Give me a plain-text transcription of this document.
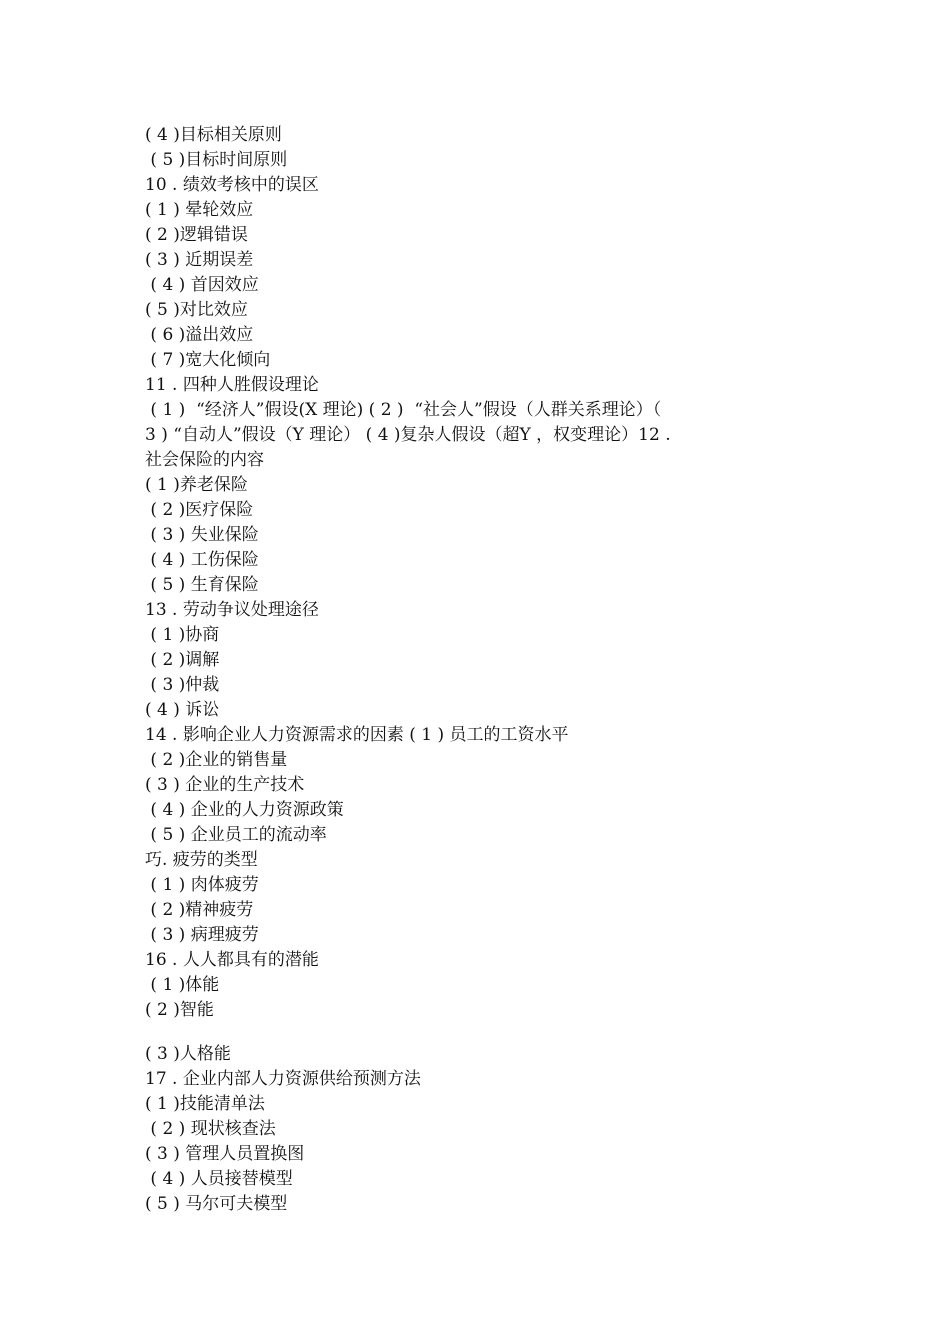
( 4 )目标相关原则
( 5 )目标时间原则
10 . 绩效考核中的误区
( 1 ) 晕轮效应
( 2 )逻辑错误
( 3 ) 近期误差
( 4 ) 首因效应
( 5 )对比效应
( 6 )溢出效应
( 7 )宽大化倾向
11 . 四种人胜假设理论
( 1 )  “经济人”假设(X 理论) ( 2 )  “社会人”假设（人群关系理论）（
3 ) “自动人”假设（Y 理论） ( 4 )复杂人假设（超Y ，权变理论）12 .
社会保险的内容
( 1 )养老保险
( 2 )医疗保险
( 3 ) 失业保险
( 4 ) 工伤保险
( 5 ) 生育保险
13 . 劳动争议处理途径
( 1 )协商
( 2 )调解
( 3 )仲裁
( 4 ) 诉讼
14 . 影响企业人力资源需求的因素 ( 1 ) 员工的工资水平
( 2 )企业的销售量
( 3 ) 企业的生产技术
( 4 ) 企业的人力资源政策
( 5 ) 企业员工的流动率
巧. 疲劳的类型
( 1 ) 肉体疲劳
( 2 )精神疲劳
( 3 ) 病理疲劳
16 . 人人都具有的潜能
( 1 )体能
( 2 )智能
( 3 )人格能
17 . 企业内部人力资源供给预测方法
( 1 )技能清单法
( 2 ) 现状核查法
( 3 ) 管理人员置换图
( 4 ) 人员接替模型
( 5 ) 马尔可夫模型
